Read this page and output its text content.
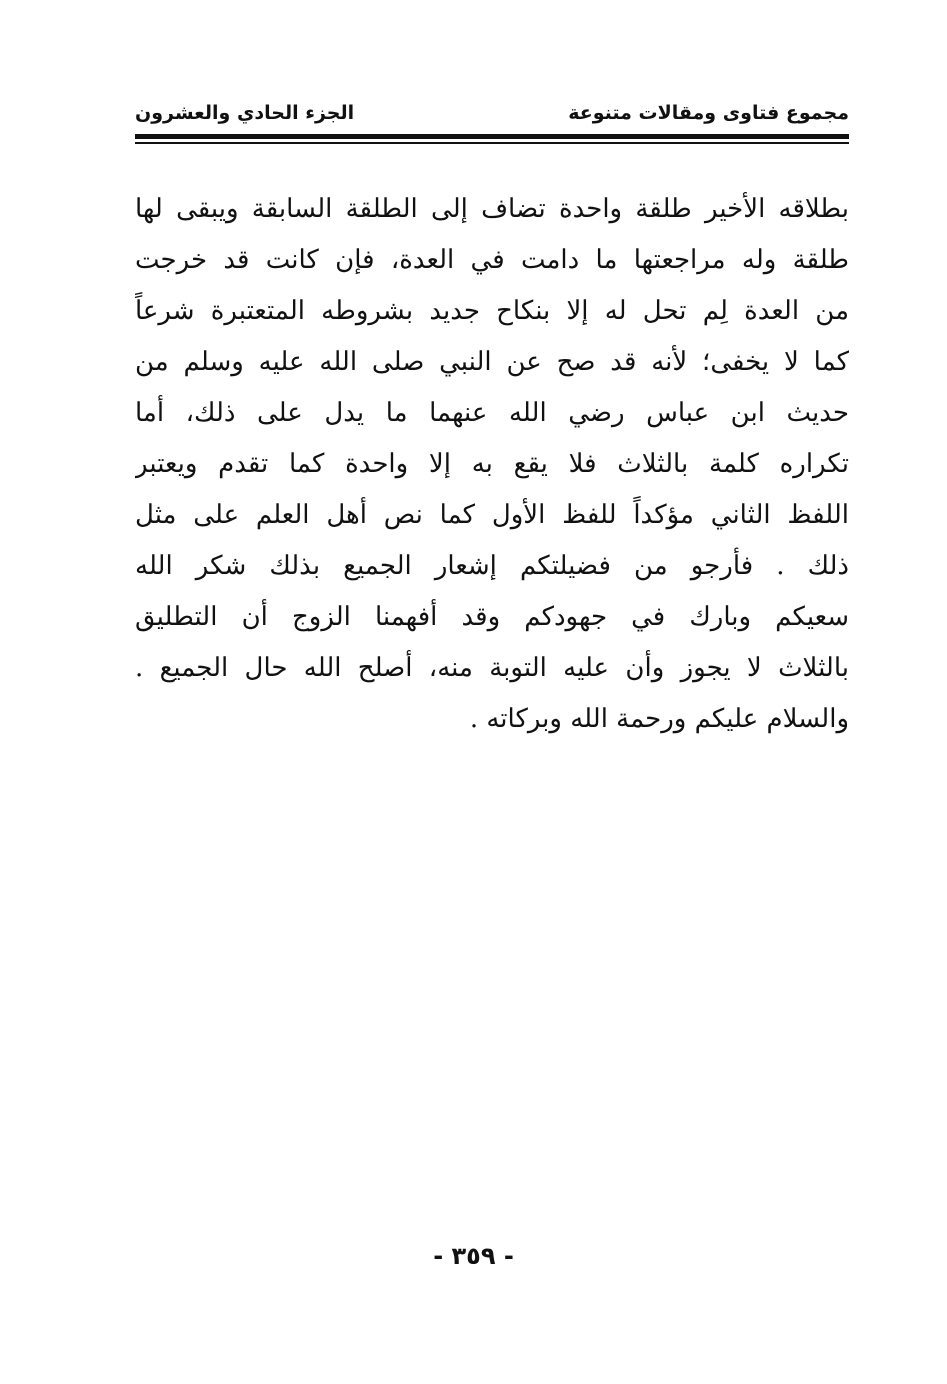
مجموع فتاوى ومقالات متنوعة
الجزء الحادي والعشرون
بطلاقه الأخير طلقة واحدة تضاف إلى الطلقة السابقة ويبقى لها
طلقة وله مراجعتها ما دامت في العدة، فإن كانت قد خرجت
من العدة لِم تحل له إلا بنكاح جديد بشروطه المتعتبرة شرعاً
كما لا يخفى؛ لأنه قد صح عن النبي صلى الله عليه وسلم من
حديث ابن عباس رضي الله عنهما ما يدل على ذلك، أما
تكراره كلمة بالثلاث فلا يقع به إلا واحدة كما تقدم ويعتبر
اللفظ الثاني مؤكداً للفظ الأول كما نص أهل العلم على مثل
ذلك . فأرجو من فضيلتكم إشعار الجميع بذلك شكر الله
سعيكم وبارك في جهودكم وقد أفهمنا الزوج أن التطليق
بالثلاث لا يجوز وأن عليه التوبة منه، أصلح الله حال الجميع .
والسلام عليكم ورحمة الله وبركاته .
- ٣٥٩ -
